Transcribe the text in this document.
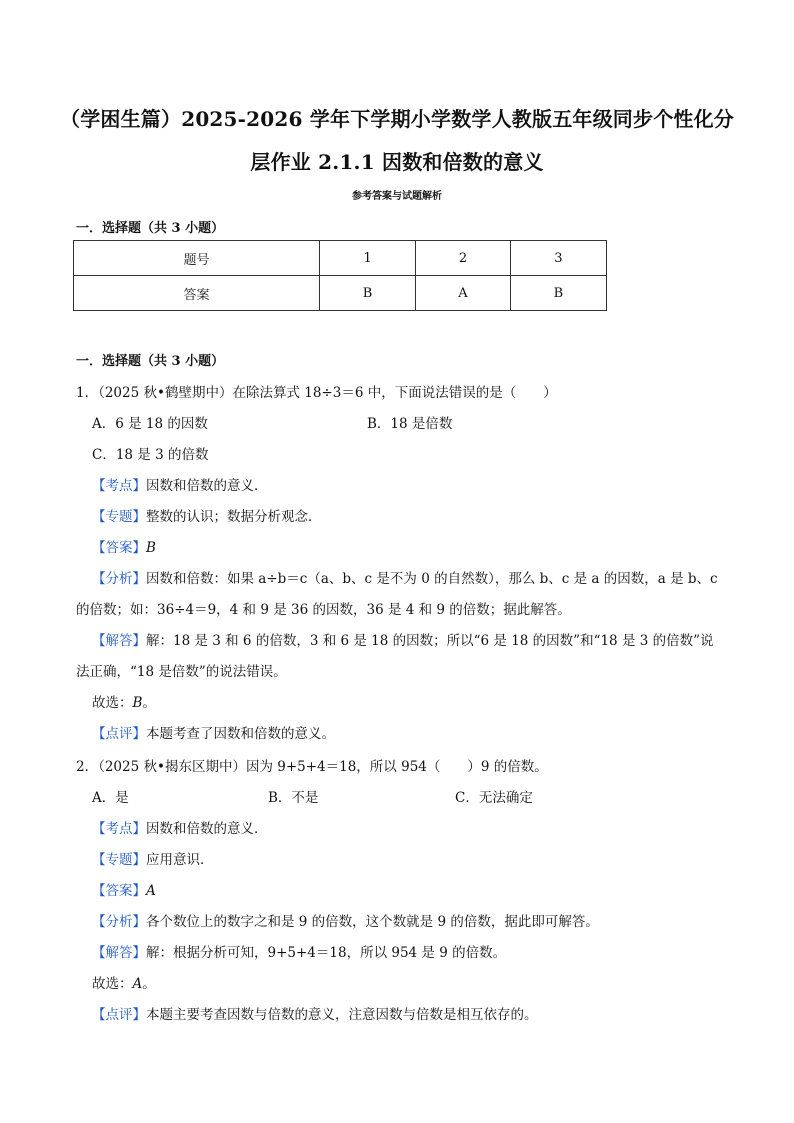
（学困生篇）2025-2026 学年下学期小学数学人教版五年级同步个性化分
层作业 2.1.1 因数和倍数的意义
参考答案与试题解析
一．选择题（共 3 小题）
题号	1	2	3
答案	B	A	B
一．选择题（共 3 小题）
1．（2025 秋•鹤壁期中）在除法算式 18÷3＝6 中，下面说法错误的是（　　）
A．6 是 18 的因数	B．18 是倍数
C．18 是 3 的倍数
【考点】因数和倍数的意义．
【专题】整数的认识；数据分析观念．
【答案】B
【分析】因数和倍数：如果 a÷b＝c（a、b、c 是不为 0 的自然数），那么 b、c 是 a 的因数，a 是 b、c
的倍数；如：36÷4＝9，4 和 9 是 36 的因数，36 是 4 和 9 的倍数；据此解答。
【解答】解：18 是 3 和 6 的倍数，3 和 6 是 18 的因数；所以“6 是 18 的因数”和“18 是 3 的倍数”说
法正确，“18 是倍数”的说法错误。
故选：B。
【点评】本题考查了因数和倍数的意义。
2．（2025 秋•揭东区期中）因为 9+5+4＝18，所以 954（　　）9 的倍数。
A．是	B．不是	C．无法确定
【考点】因数和倍数的意义．
【专题】应用意识．
【答案】A
【分析】各个数位上的数字之和是 9 的倍数，这个数就是 9 的倍数，据此即可解答。
【解答】解：根据分析可知，9+5+4＝18，所以 954 是 9 的倍数。
故选：A。
【点评】本题主要考查因数与倍数的意义，注意因数与倍数是相互依存的。
